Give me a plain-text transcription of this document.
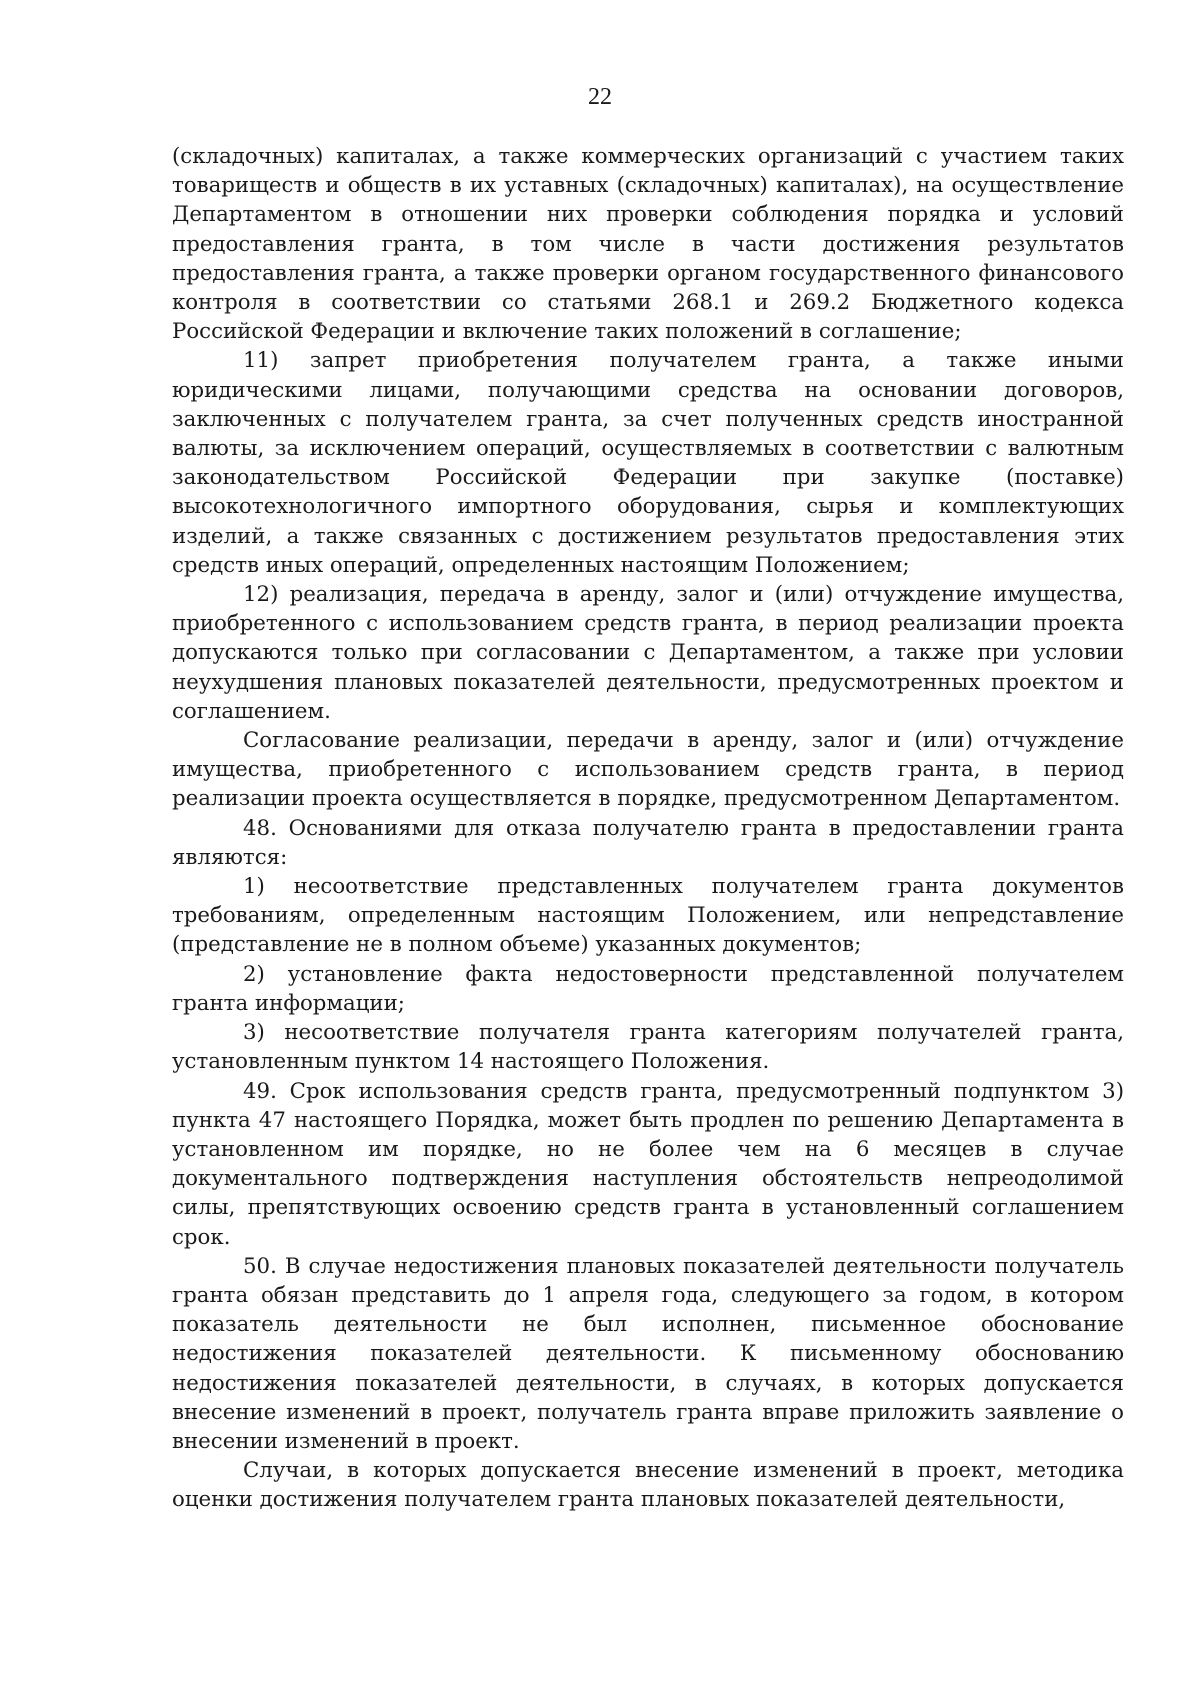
22

(складочных) капиталах, а также коммерческих организаций с участием таких товариществ и обществ в их уставных (складочных) капиталах), на осуществление Департаментом в отношении них проверки соблюдения порядка и условий предоставления гранта, в том числе в части достижения результатов предоставления гранта, а также проверки органом государственного финансового контроля в соответствии со статьями 268.1 и 269.2 Бюджетного кодекса Российской Федерации и включение таких положений в соглашение;

11) запрет приобретения получателем гранта, а также иными юридическими лицами, получающими средства на основании договоров, заключенных с получателем гранта, за счет полученных средств иностранной валюты, за исключением операций, осуществляемых в соответствии с валютным законодательством Российской Федерации при закупке (поставке) высокотехнологичного импортного оборудования, сырья и комплектующих изделий, а также связанных с достижением результатов предоставления этих средств иных операций, определенных настоящим Положением;

12) реализация, передача в аренду, залог и (или) отчуждение имущества, приобретенного с использованием средств гранта, в период реализации проекта допускаются только при согласовании с Департаментом, а также при условии неухудшения плановых показателей деятельности, предусмотренных проектом и соглашением.

Согласование реализации, передачи в аренду, залог и (или) отчуждение имущества, приобретенного с использованием средств гранта, в период реализации проекта осуществляется в порядке, предусмотренном Департаментом.

48. Основаниями для отказа получателю гранта в предоставлении гранта являются:

1) несоответствие представленных получателем гранта документов требованиям, определенным настоящим Положением, или непредставление (представление не в полном объеме) указанных документов;

2) установление факта недостоверности представленной получателем гранта информации;

3) несоответствие получателя гранта категориям получателей гранта, установленным пунктом 14 настоящего Положения.

49. Срок использования средств гранта, предусмотренный подпунктом 3) пункта 47 настоящего Порядка, может быть продлен по решению Департамента в установленном им порядке, но не более чем на 6 месяцев в случае документального подтверждения наступления обстоятельств непреодолимой силы, препятствующих освоению средств гранта в установленный соглашением срок.

50. В случае недостижения плановых показателей деятельности получатель гранта обязан представить до 1 апреля года, следующего за годом, в котором показатель деятельности не был исполнен, письменное обоснование недостижения показателей деятельности. К письменному обоснованию недостижения показателей деятельности, в случаях, в которых допускается внесение изменений в проект, получатель гранта вправе приложить заявление о внесении изменений в проект.

Случаи, в которых допускается внесение изменений в проект, методика оценки достижения получателем гранта плановых показателей деятельности,
